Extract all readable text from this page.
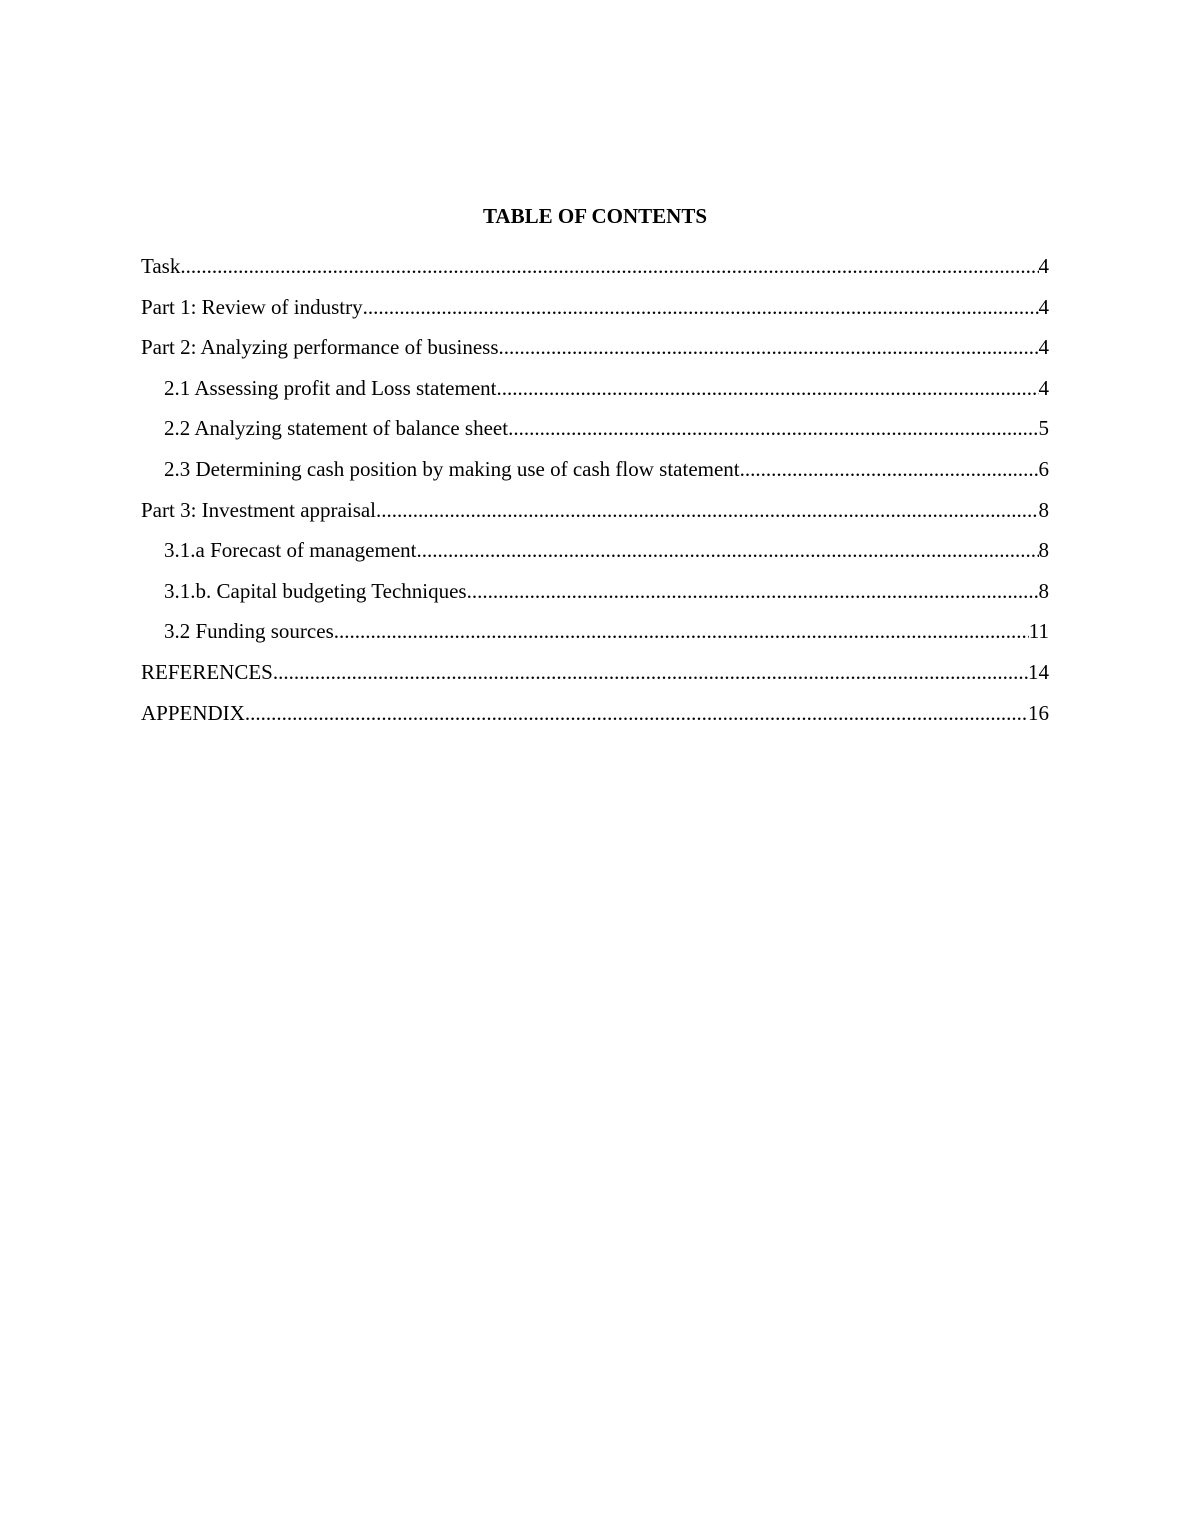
TABLE OF CONTENTS
Task .....	4
Part 1: Review of industry .....	4
Part 2: Analyzing performance of business .....	4
2.1 Assessing profit and Loss statement .....	4
2.2 Analyzing statement of balance sheet .....	5
2.3 Determining cash position by making use of cash flow statement .....	6
Part 3: Investment appraisal .....	8
3.1.a Forecast of management .....	8
3.1.b. Capital budgeting Techniques .....	8
3.2 Funding sources .....	11
REFERENCES .....	14
APPENDIX .....	16
